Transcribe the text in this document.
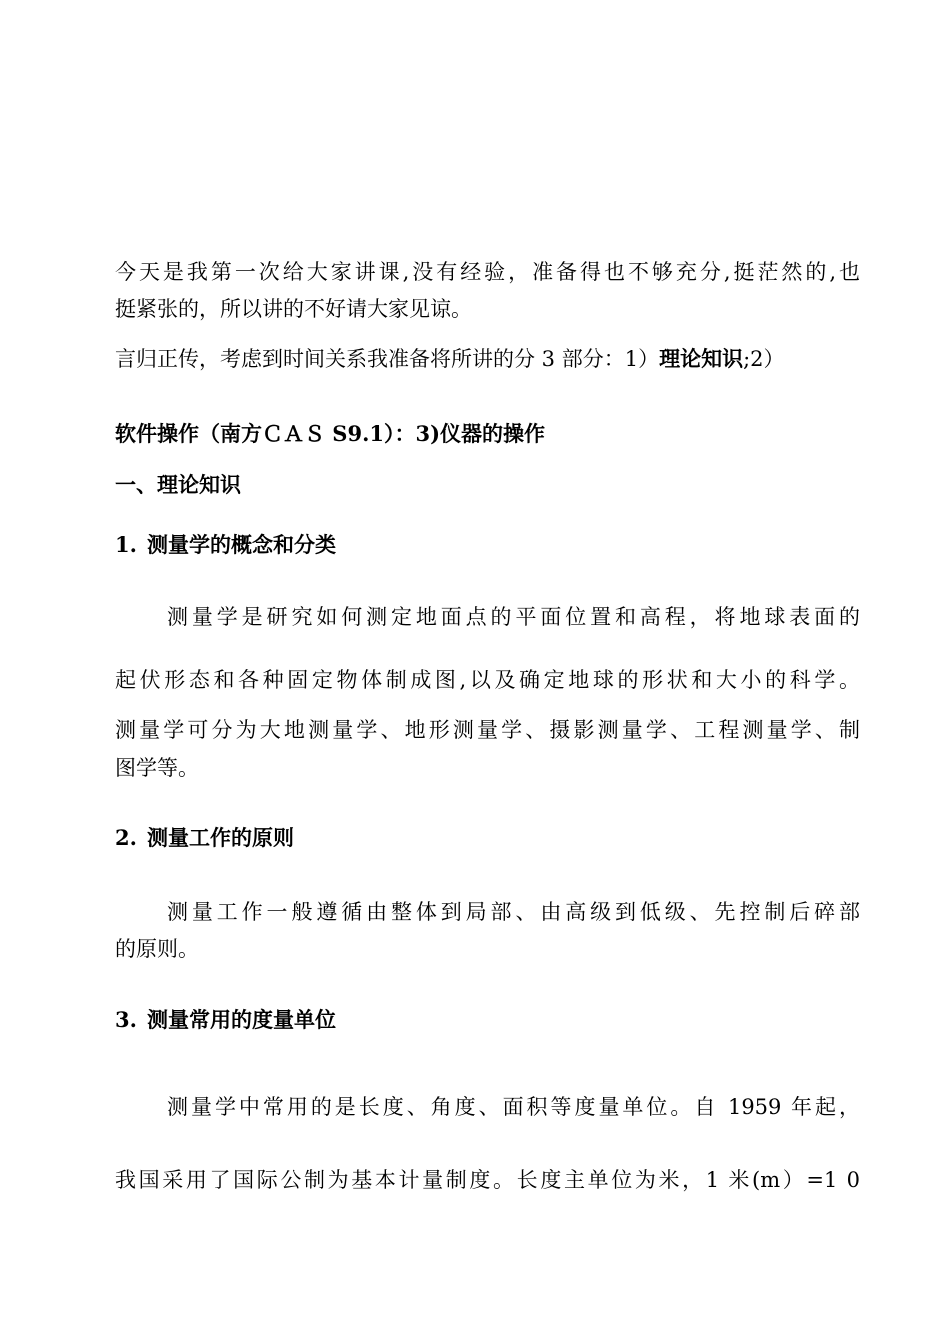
今天是我第一次给大家讲课,没有经验，准备得也不够充分,挺茫然的,也
挺紧张的，所以讲的不好请大家见谅。
言归正传，考虑到时间关系我准备将所讲的分 3 部分：1）理论知识;2）
软件操作（南方ＣＡＳ S9.1）：3)仪器的操作
一、理论知识
1. 测量学的概念和分类
测量学是研究如何测定地面点的平面位置和高程，将地球表面的
起伏形态和各种固定物体制成图,以及确定地球的形状和大小的科学。
测量学可分为大地测量学、地形测量学、摄影测量学、工程测量学、制
图学等。
2. 测量工作的原则
测量工作一般遵循由整体到局部、由高级到低级、先控制后碎部
的原则。
3. 测量常用的度量单位
测量学中常用的是长度、角度、面积等度量单位。自 1959 年起，
我国采用了国际公制为基本计量制度。长度主单位为米，1 米(m）=1 0
